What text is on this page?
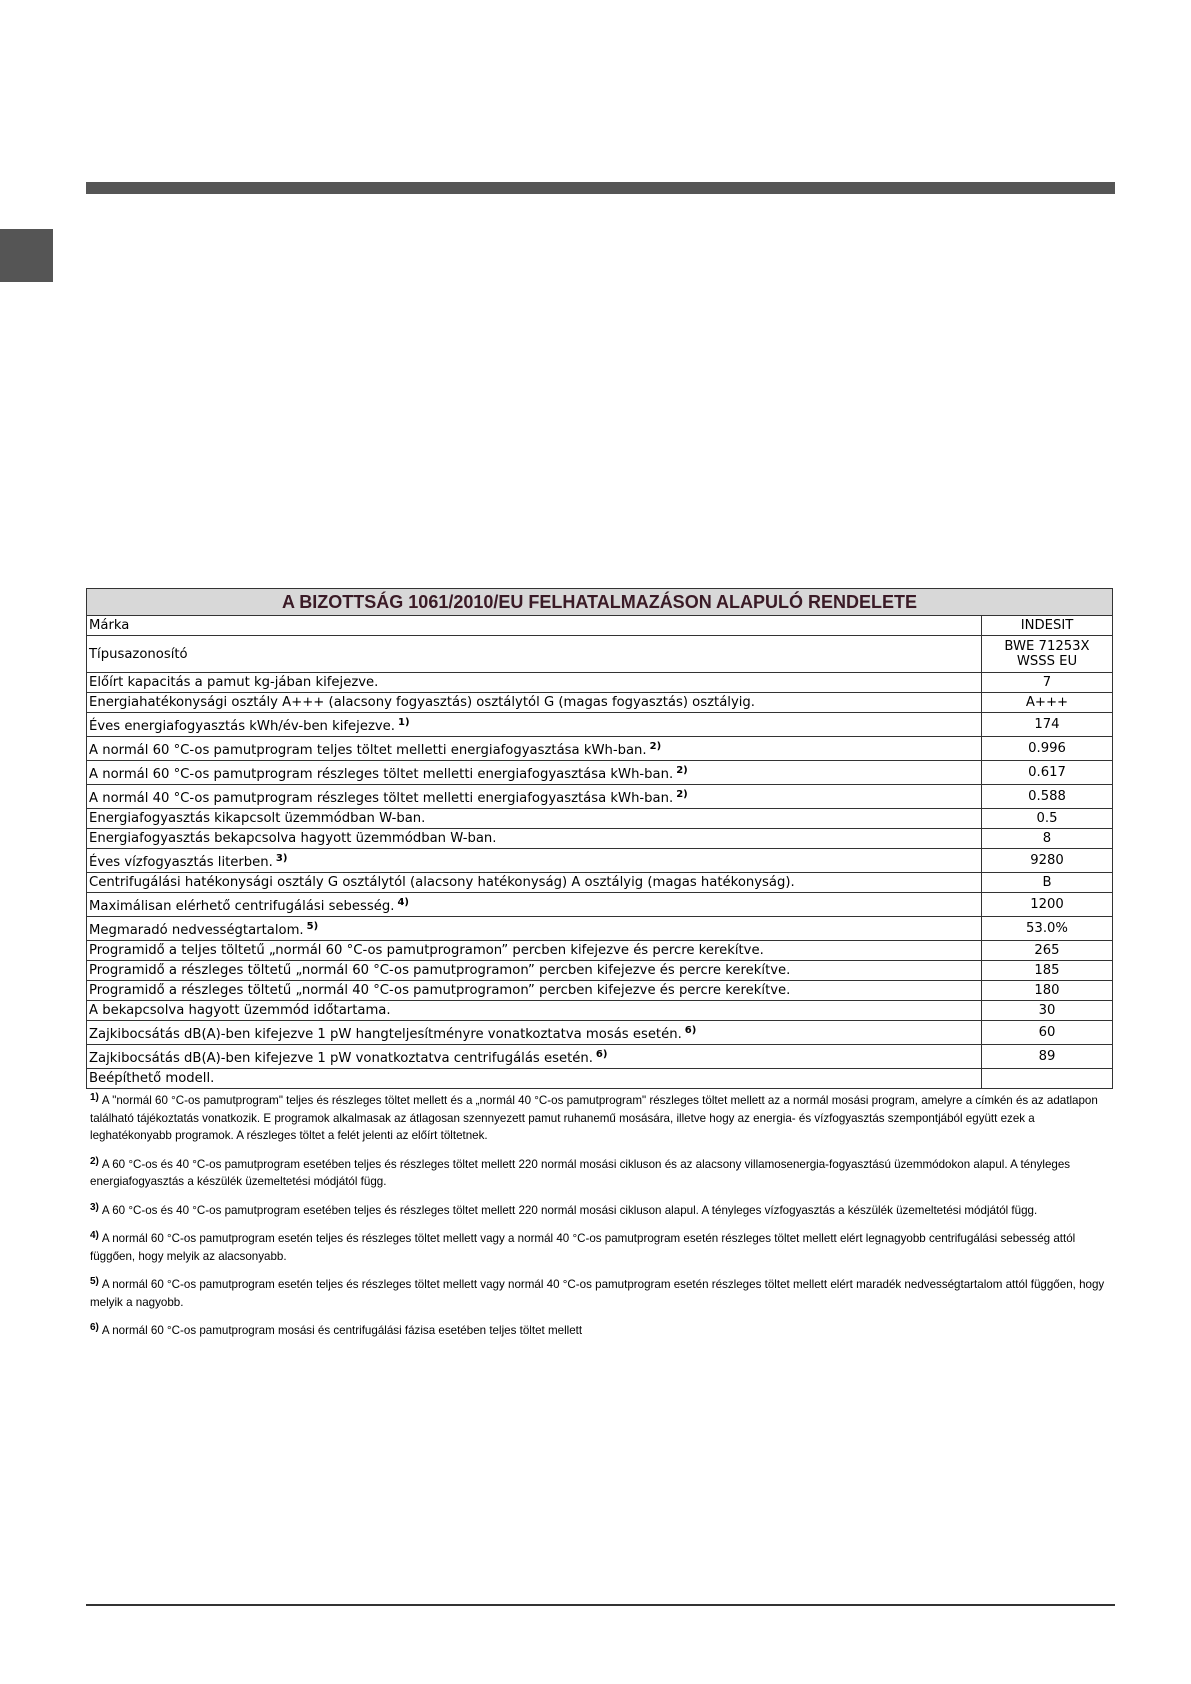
A BIZOTTSÁG 1061/2010/EU FELHATALMAZÁSON ALAPULÓ RENDELETE	
Márka	INDESIT
Típusazonosító	BWE 71253X
WSSS EU
Előírt kapacitás a pamut kg-jában kifejezve.	7
Energiahatékonysági osztály A+++ (alacsony fogyasztás) osztálytól G (magas fogyasztás) osztályig.	A+++
Éves energiafogyasztás kWh/év-ben kifejezve. $^{1)}$	174
A normál 60 °C-os pamutprogram teljes töltet melletti energiafogyasztása kWh-ban. $^{2)}$	0.996
A normál 60 °C-os pamutprogram részleges töltet melletti energiafogyasztása kWh-ban. $^{2)}$	0.617
A normál 40 °C-os pamutprogram részleges töltet melletti energiafogyasztása kWh-ban. $^{2)}$	0.588
Energiafogyasztás kikapcsolt üzemmódban W-ban.	0.5
Energiafogyasztás bekapcsolva hagyott üzemmódban W-ban.	8
Éves vízfogyasztás literben. $^{3)}$	9280
Centrifugálási hatékonysági osztály G osztálytól (alacsony hatékonyság) A osztályig (magas hatékonyság).	B
Maximálisan elérhető centrifugálási sebesség. $^{4)}$	1200
Megmaradó nedvességtartalom. $^{5)}$	53.0%
Programidő a teljes töltetű „normál 60 °C-os pamutprogramon” percben kifejezve és percre kerekítve.	265
Programidő a részleges töltetű „normál 60 °C-os pamutprogramon” percben kifejezve és percre kerekítve.	185
Programidő a részleges töltetű „normál 40 °C-os pamutprogramon” percben kifejezve és percre kerekítve.	180
A bekapcsolva hagyott üzemmód időtartama.	30
Zajkibocsátás dB(A)-ben kifejezve 1 pW hangteljesítményre vonatkoztatva mosás esetén. $^{6)}$	60
Zajkibocsátás dB(A)-ben kifejezve 1 pW vonatkoztatva centrifugálás esetén. $^{6)}$	89
Beépíthető modell.	
1) A "normál 60 °C-os pamutprogram" teljes és részleges töltet mellett és a „normál 40 °C-os pamutprogram" részleges töltet mellett az a normál mosási program, amelyre a címkén és az adatlapon található tájékoztatás vonatkozik. E programok alkalmasak az átlagosan szennyezett pamut ruhanemű mosására, illetve hogy az energia- és vízfogyasztás szempontjából együtt ezek a leghatékonyabb programok. A részleges töltet a felét jelenti az előírt töltetnek.
2) A 60 °C-os és 40 °C-os pamutprogram esetében teljes és részleges töltet mellett 220 normál mosási cikluson és az alacsony villamosenergia-fogyasztású üzemmódokon alapul. A tényleges energiafogyasztás a készülék üzemeltetési módjától függ.
3) A 60 °C-os és 40 °C-os pamutprogram esetében teljes és részleges töltet mellett 220 normál mosási cikluson alapul. A tényleges vízfogyasztás a készülék üzemeltetési módjától függ.
4) A normál 60 °C-os pamutprogram esetén teljes és részleges töltet mellett vagy a normál 40 °C-os pamutprogram esetén részleges töltet mellett elért legnagyobb centrifugálási sebesség attól függően, hogy melyik az alacsonyabb.
5) A normál 60 °C-os pamutprogram esetén teljes és részleges töltet mellett vagy normál 40 °C-os pamutprogram esetén részleges töltet mellett elért maradék nedvességtartalom attól függően, hogy melyik a nagyobb.
6) A normál 60 °C-os pamutprogram mosási és centrifugálási fázisa esetében teljes töltet mellett
